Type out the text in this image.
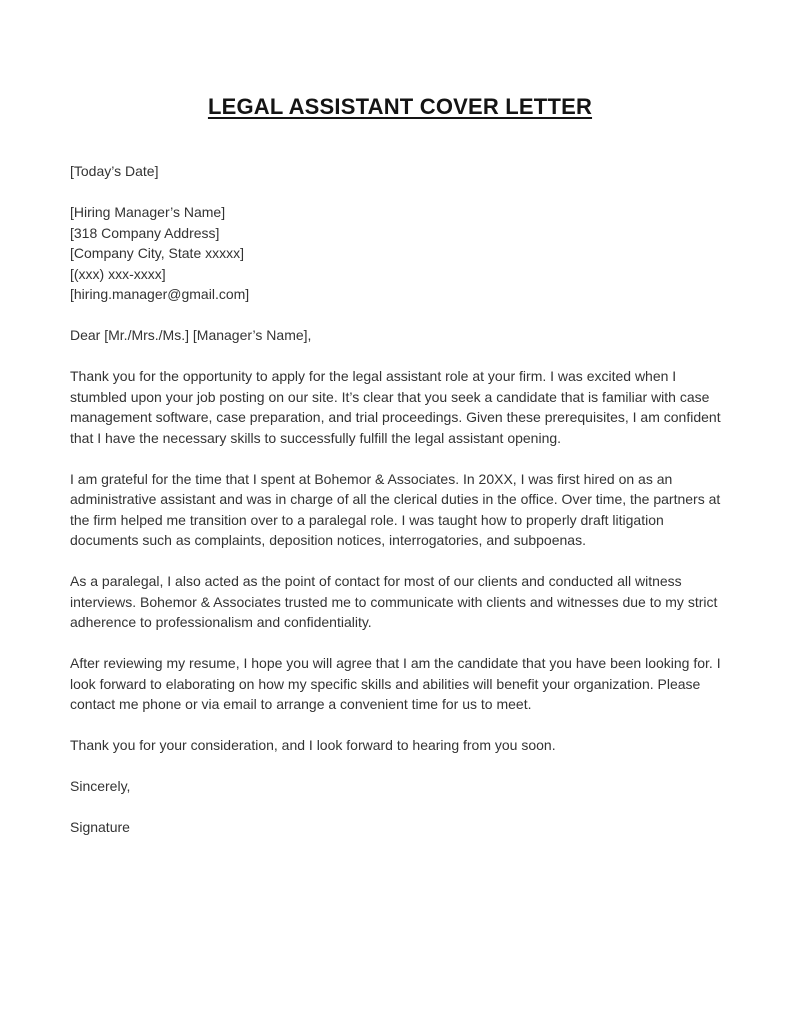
LEGAL ASSISTANT COVER LETTER

[Today’s Date]

[Hiring Manager’s Name]

[318 Company Address]

[Company City, State xxxxx]

[(xxx) xxx-xxxx]

[hiring.manager@gmail.com]

Dear [Mr./Mrs./Ms.] [Manager’s Name],

Thank you for the opportunity to apply for the legal assistant role at your firm. I was excited when I stumbled upon your job posting on our site. It’s clear that you seek a candidate that is familiar with case management software, case preparation, and trial proceedings. Given these prerequisites, I am confident that I have the necessary skills to successfully fulfill the legal assistant opening.

I am grateful for the time that I spent at Bohemor & Associates. In 20XX, I was first hired on as an administrative assistant and was in charge of all the clerical duties in the office. Over time, the partners at the firm helped me transition over to a paralegal role. I was taught how to properly draft litigation documents such as complaints, deposition notices, interrogatories, and subpoenas.

As a paralegal, I also acted as the point of contact for most of our clients and conducted all witness interviews. Bohemor & Associates trusted me to communicate with clients and witnesses due to my strict adherence to professionalism and confidentiality.

After reviewing my resume, I hope you will agree that I am the candidate that you have been looking for. I look forward to elaborating on how my specific skills and abilities will benefit your organization. Please contact me phone or via email to arrange a convenient time for us to meet.

Thank you for your consideration, and I look forward to hearing from you soon.

Sincerely,

Signature
